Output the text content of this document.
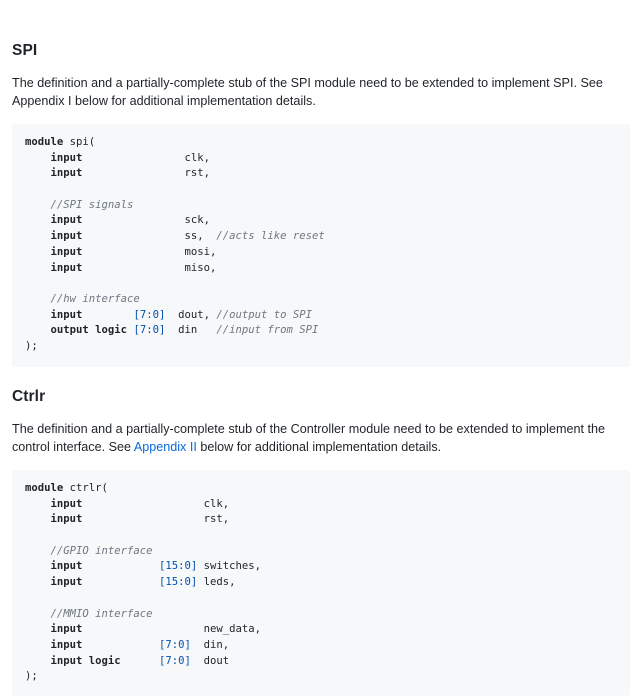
SPI

The definition and a partially-complete stub of the SPI module need to be extended to implement SPI. See Appendix I below for additional implementation details.

module spi(
input	clk,
input	rst,
//SPI signals
input	sck,
input	ss, //acts like reset
input	mosi,
input	miso,
//hw interface
input	[7:0] dout, //output to SPI
output logic [7:0] din //input from SPI
);
Ctrlr

The definition and a partially-complete stub of the Controller module need to be extended to implement the control interface. See Appendix II below for additional implementation details.

module ctrlr(
input	clk,
input	rst,
//GPIO interface
input	[15:0] switches,
input	[15:0] leds,
//MMIO interface
input	new_data,
input	[7:0] din,
input logic	[7:0] dout
);
